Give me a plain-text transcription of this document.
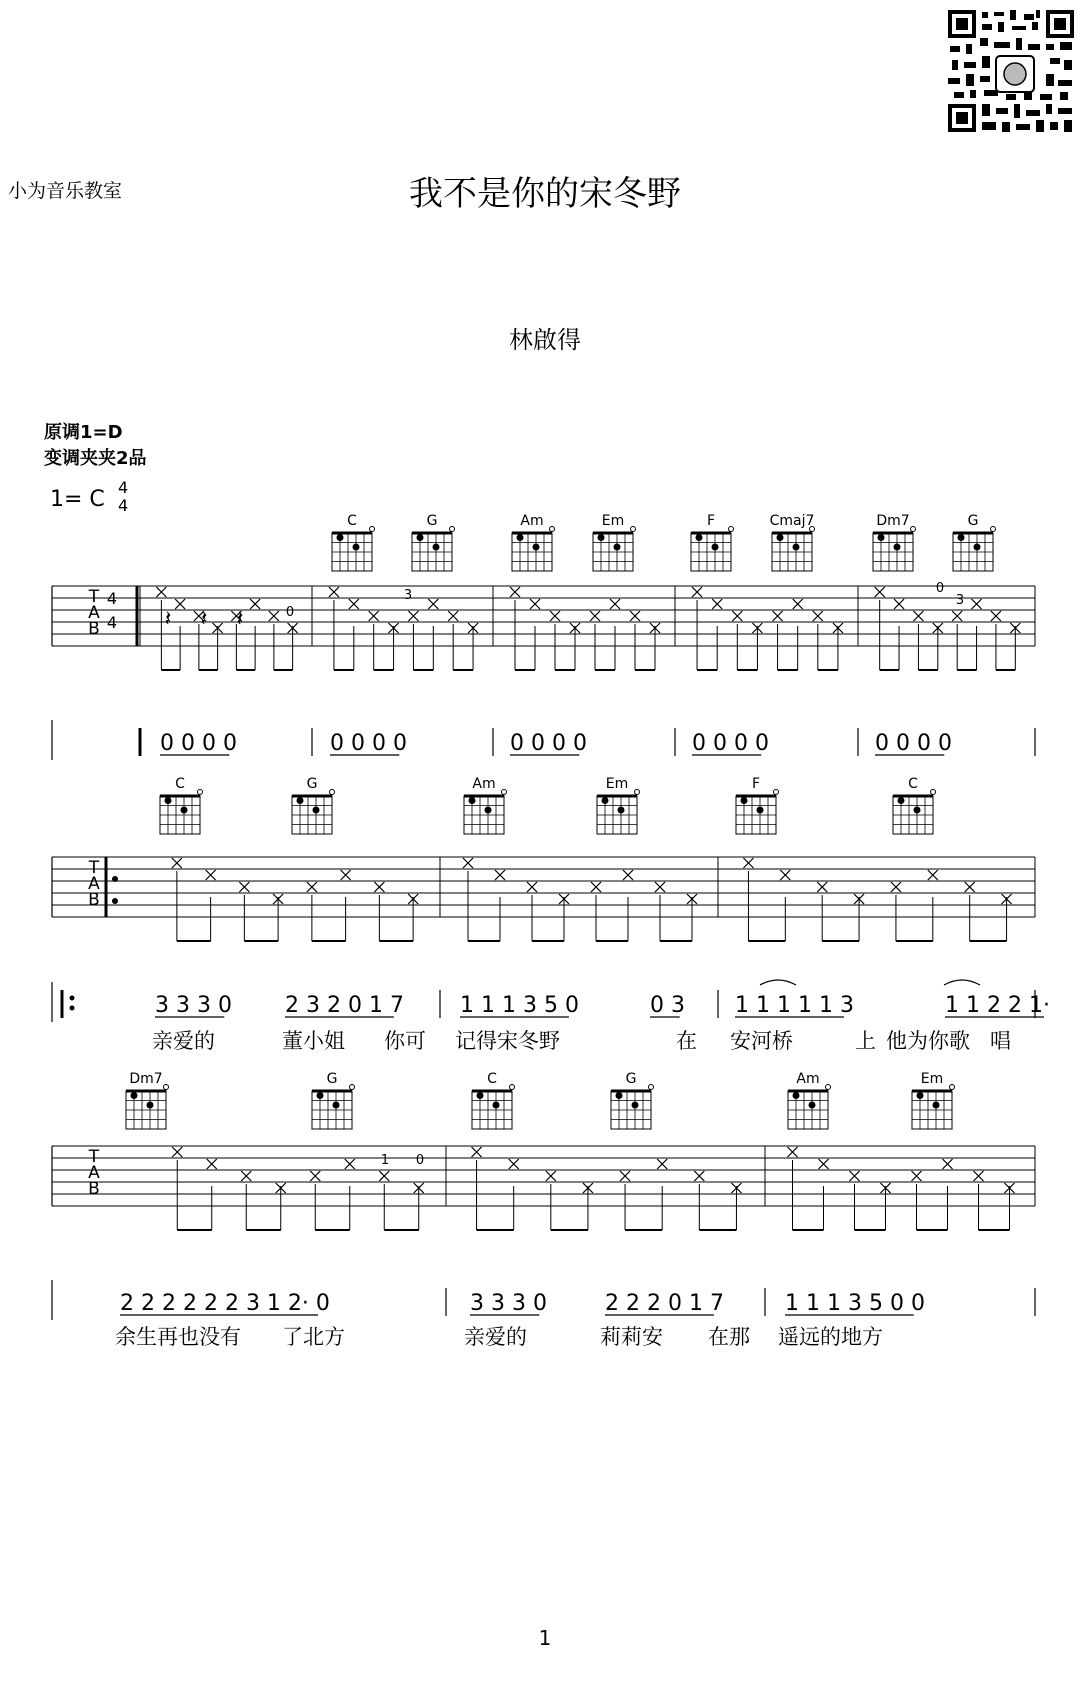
小为音乐教室	我不是你的宋冬野
林啟得
原调1=D
变调夹夹2品
1= C 4
4
C	G	Am	Em	F	Cmaj7	Dm7	G
C	G	Am	Em	F	C
Dm7	G	C	G	Am	Em
T
A
B
T
A
B
T
A
B
4
4 𝄽 𝄽 𝄽	0
3	0
3
1 0
0 0 0 0	0 0 0 0	0 0 0 0	0 0 0 0	0 0 0 0
3 3 3 0 2 3 2 0 1 7	1 1 1 3 5 0	0 3 1 1 1 1 1 3	1 1 2 2 1·
2 2 2 2 2 2 3 1 2· 0	3 3 3 0	2 2 2 0 1 7	1 1 1 3 5 0 0
亲爱的	董小姐 你可 记得宋冬野	在 安河桥	上 他为你歌 唱
余生再也没有 了北方	亲爱的	莉莉安 在那 遥远的地方
1
